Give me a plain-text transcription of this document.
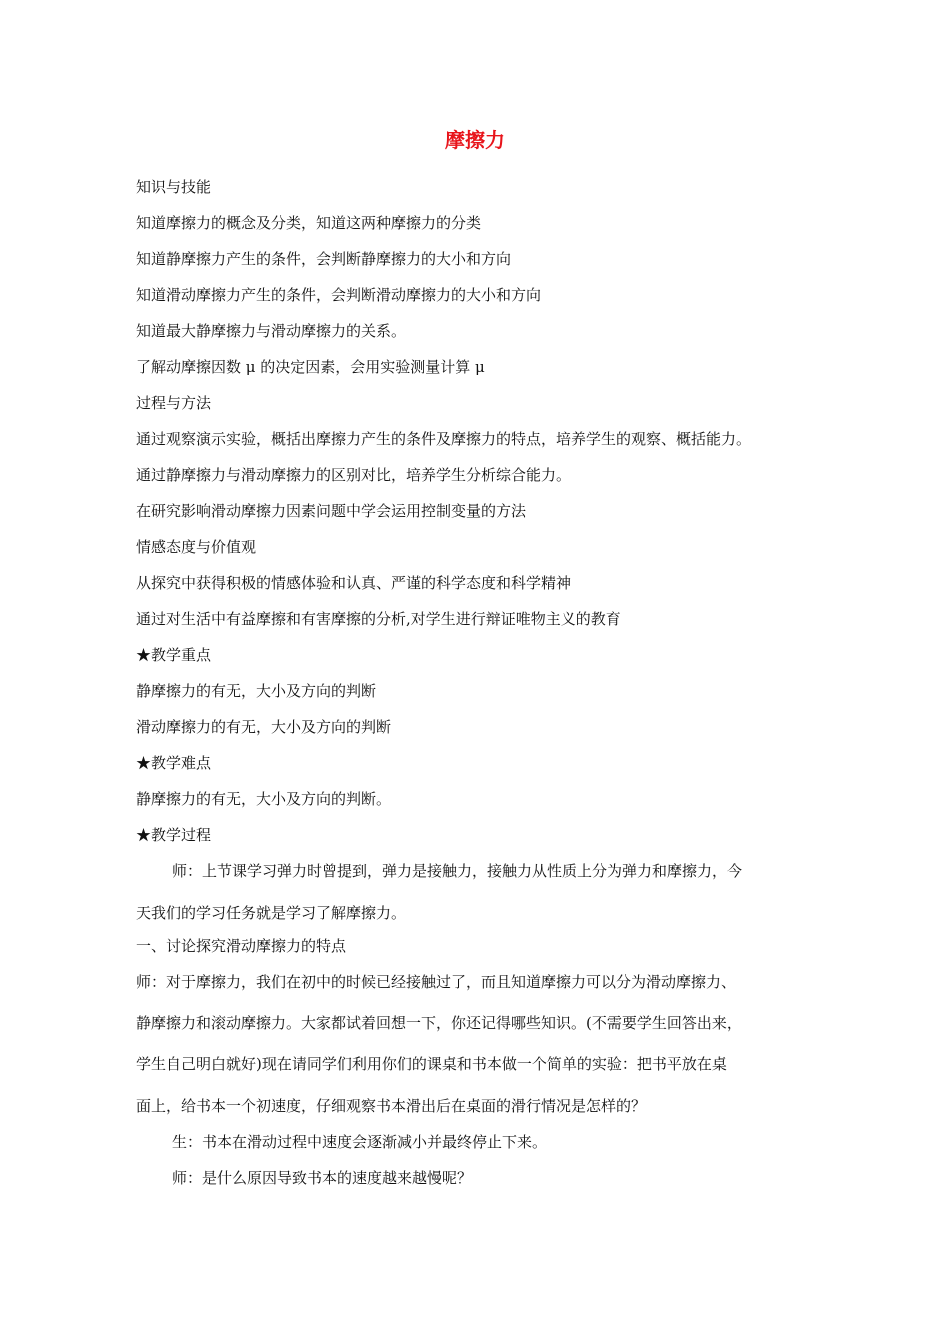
摩擦力
知识与技能
知道摩擦力的概念及分类，知道这两种摩擦力的分类
知道静摩擦力产生的条件，会判断静摩擦力的大小和方向
知道滑动摩擦力产生的条件，会判断滑动摩擦力的大小和方向
知道最大静摩擦力与滑动摩擦力的关系。
了解动摩擦因数 μ 的决定因素，会用实验测量计算 μ
过程与方法
通过观察演示实验，概括出摩擦力产生的条件及摩擦力的特点，培养学生的观察、概括能力。
通过静摩擦力与滑动摩擦力的区别对比，培养学生分析综合能力。
在研究影响滑动摩擦力因素问题中学会运用控制变量的方法
情感态度与价值观
从探究中获得积极的情感体验和认真、严谨的科学态度和科学精神
通过对生活中有益摩擦和有害摩擦的分析,对学生进行辩证唯物主义的教育
★教学重点
静摩擦力的有无，大小及方向的判断
滑动摩擦力的有无，大小及方向的判断
★教学难点
静摩擦力的有无，大小及方向的判断。
★教学过程
师：上节课学习弹力时曾提到，弹力是接触力，接触力从性质上分为弹力和摩擦力，今
天我们的学习任务就是学习了解摩擦力。
一、讨论探究滑动摩擦力的特点
师：对于摩擦力，我们在初中的时候已经接触过了，而且知道摩擦力可以分为滑动摩擦力、
静摩擦力和滚动摩擦力。大家都试着回想一下，你还记得哪些知识。(不需要学生回答出来，
学生自己明白就好)现在请同学们利用你们的课桌和书本做一个简单的实验：把书平放在桌
面上，给书本一个初速度，仔细观察书本滑出后在桌面的滑行情况是怎样的？
生：书本在滑动过程中速度会逐渐减小并最终停止下来。
师：是什么原因导致书本的速度越来越慢呢？
